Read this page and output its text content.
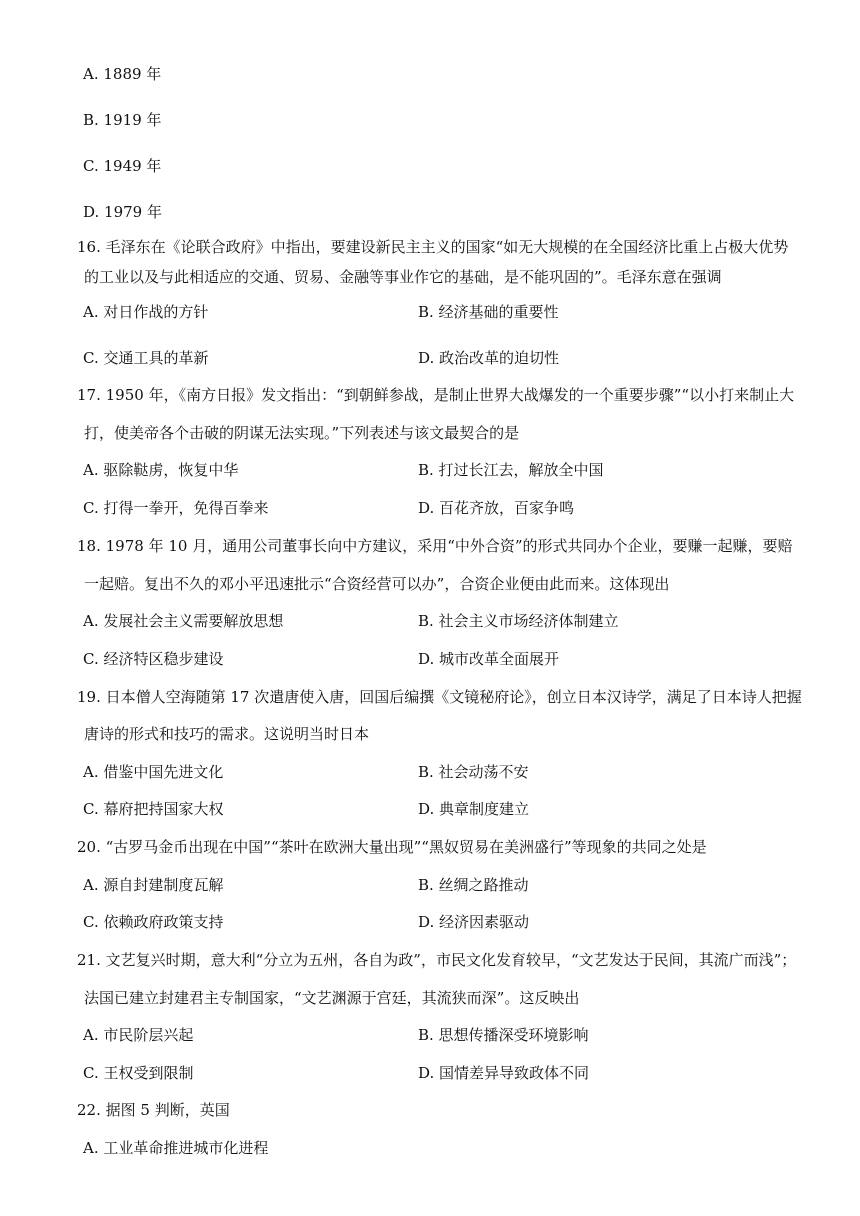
A. 1889 年
B. 1919 年
C. 1949 年
D. 1979 年
16. 毛泽东在《论联合政府》中指出，要建设新民主主义的国家“如无大规模的在全国经济比重上占极大优势
的工业以及与此相适应的交通、贸易、金融等事业作它的基础，是不能巩固的”。毛泽东意在强调
A. 对日作战的方针	B. 经济基础的重要性
C. 交通工具的革新	D. 政治改革的迫切性
17. 1950 年，《南方日报》发文指出：“到朝鲜参战，是制止世界大战爆发的一个重要步骤”“以小打来制止大
打，使美帝各个击破的阴谋无法实现。”下列表述与该文最契合的是
A. 驱除鞑虏，恢复中华	B. 打过长江去，解放全中国
C. 打得一拳开，免得百拳来	D. 百花齐放，百家争鸣
18. 1978 年 10 月，通用公司董事长向中方建议，采用“中外合资”的形式共同办个企业，要赚一起赚，要赔
一起赔。复出不久的邓小平迅速批示“合资经营可以办”，合资企业便由此而来。这体现出
A. 发展社会主义需要解放思想	B. 社会主义市场经济体制建立
C. 经济特区稳步建设	D. 城市改革全面展开
19. 日本僧人空海随第 17 次遣唐使入唐，回国后编撰《文镜秘府论》，创立日本汉诗学，满足了日本诗人把握
唐诗的形式和技巧的需求。这说明当时日本
A. 借鉴中国先进文化	B. 社会动荡不安
C. 幕府把持国家大权	D. 典章制度建立
20. “古罗马金币出现在中国”“茶叶在欧洲大量出现”“黑奴贸易在美洲盛行”等现象的共同之处是
A. 源自封建制度瓦解	B. 丝绸之路推动
C. 依赖政府政策支持	D. 经济因素驱动
21. 文艺复兴时期，意大利“分立为五州，各自为政”，市民文化发育较早，“文艺发达于民间，其流广而浅”；
法国已建立封建君主专制国家，“文艺渊源于宫廷，其流狭而深”。这反映出
A. 市民阶层兴起	B. 思想传播深受环境影响
C. 王权受到限制	D. 国情差异导致政体不同
22. 据图 5 判断，英国
A. 工业革命推进城市化进程
